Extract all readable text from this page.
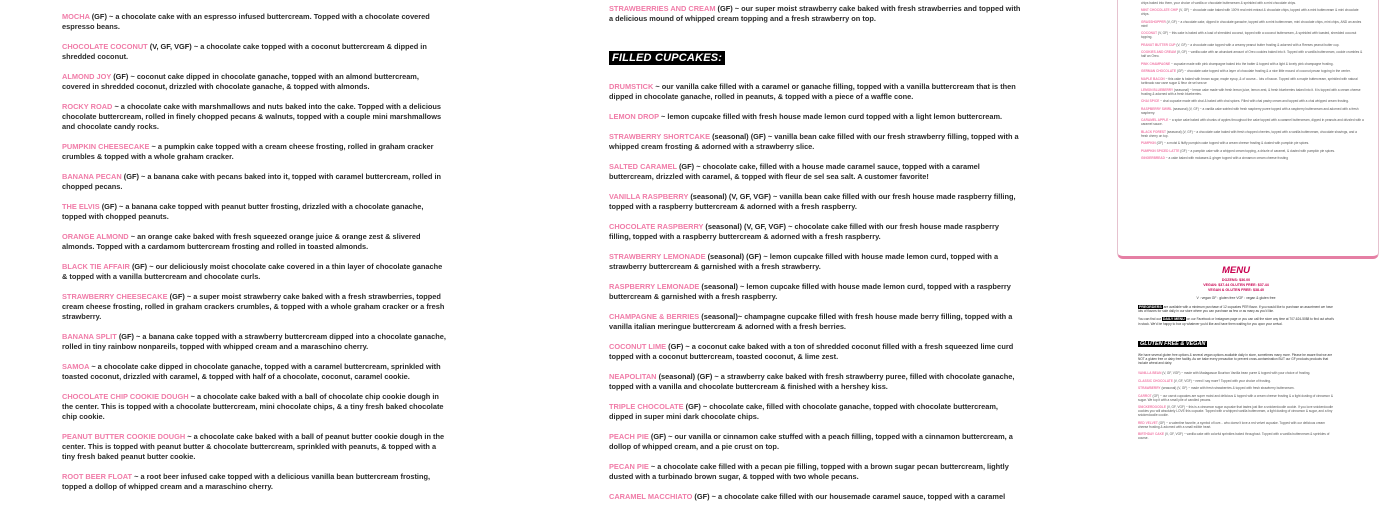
MOCHA (GF) ~ a chocolate cake with an espresso infused buttercream. Topped with a chocolate covered espresso beans.
CHOCOLATE COCONUT (V, GF, VGF) ~ a chocolate cake topped with a coconut buttercream & dipped in shredded coconut.
ALMOND JOY (GF) ~ coconut cake dipped in chocolate ganache, topped with an almond buttercream, covered in shredded coconut, drizzled with chocolate ganache, & topped with almonds.
ROCKY ROAD ~ a chocolate cake with marshmallows and nuts baked into the cake. Topped with a delicious chocolate buttercream, rolled in finely chopped pecans & walnuts, topped with a couple mini marshmallows and chocolate candy rocks.
PUMPKIN CHEESECAKE ~ a pumpkin cake topped with a cream cheese frosting, rolled in graham cracker crumbles & topped with a whole graham cracker.
BANANA PECAN (GF) ~ a banana cake with pecans baked into it, topped with caramel buttercream, rolled in chopped pecans.
THE ELVIS (GF) ~ a banana cake topped with peanut butter frosting, drizzled with a chocolate ganache, topped with chopped peanuts.
ORANGE ALMOND ~ an orange cake baked with fresh squeezed orange juice & orange zest & slivered almonds. Topped with a cardamom buttercream frosting and rolled in toasted almonds.
BLACK TIE AFFAIR (GF) ~ our deliciously moist chocolate cake covered in a thin layer of chocolate ganache & topped with a vanilla buttercream and chocolate curls.
STRAWBERRY CHEESECAKE (GF) ~ a super moist strawberry cake baked with a fresh strawberries, topped cream cheese frosting, rolled in graham crackers crumbles, & topped with a whole graham cracker or a fresh strawberry.
BANANA SPLIT (GF) ~ a banana cake topped with a strawberry buttercream dipped into a chocolate ganache, rolled in tiny rainbow nonpareils, topped with whipped cream and a maraschino cherry.
SAMOA ~ a chocolate cake dipped in chocolate ganache, topped with a caramel buttercream, sprinkled with toasted coconut, drizzled with caramel, & topped with half of a chocolate, coconut, caramel cookie.
CHOCOLATE CHIP COOKIE DOUGH ~ a chocolate cake baked with a ball of chocolate chip cookie dough in the center. This is topped with a chocolate buttercream, mini chocolate chips, & a tiny fresh baked chocolate chip cookie.
PEANUT BUTTER COOKIE DOUGH ~ a chocolate cake baked with a ball of peanut butter cookie dough in the center. This is topped with peanut butter & chocolate buttercream, sprinkled with peanuts, & topped with a tiny fresh baked peanut butter cookie.
ROOT BEER FLOAT ~ a root beer infused cake topped with a delicious vanilla bean buttercream frosting, topped a dollop of whipped cream and a maraschino cherry.
STRAWBERRIES AND CREAM (GF) ~ our super moist strawberry cake baked with fresh strawberries and topped with a delicious mound of whipped cream topping and a fresh strawberry on top.
FILLED CUPCAKES:
DRUMSTICK ~ our vanilla cake filled with a caramel or ganache filling, topped with a vanilla buttercream that is then dipped in chocolate ganache, rolled in peanuts, & topped with a piece of a waffle cone.
LEMON DROP ~ lemon cupcake filled with fresh house made lemon curd topped with a light lemon buttercream.
STRAWBERRY SHORTCAKE (seasonal) (GF) ~ vanilla bean cake filled with our fresh strawberry filling, topped with a whipped cream frosting & adorned with a strawberry slice.
SALTED CARAMEL (GF) ~ chocolate cake, filled with a house made caramel sauce, topped with a caramel buttercream, drizzled with caramel, & topped with fleur de sel sea salt. A customer favorite!
VANILLA RASPBERRY (seasonal) (V, GF, VGF) ~ vanilla bean cake filled with our fresh house made raspberry filling, topped with a raspberry buttercream & adorned with a fresh raspberry.
CHOCOLATE RASPBERRY (seasonal) (V, GF, VGF) ~ chocolate cake filled with our fresh house made raspberry filling, topped with a raspberry buttercream & adorned with a fresh raspberry.
STRAWBERRY LEMONADE (seasonal) (GF) ~ lemon cupcake filled with house made lemon curd, topped with a strawberry buttercream & garnished with a fresh strawberry.
RASPBERRY LEMONADE (seasonal) ~ lemon cupcake filled with house made lemon curd, topped with a raspberry buttercream & garnished with a fresh raspberry.
CHAMPAGNE & BERRIES (seasonal)~ champagne cupcake filled with fresh house made berry filling, topped with a vanilla italian meringue buttercream & adorned with a fresh berries.
COCONUT LIME (GF) ~ a coconut cake baked with a ton of shredded coconut filled with a fresh squeezed lime curd topped with a coconut buttercream, toasted coconut, & lime zest.
NEAPOLITAN (seasonal) (GF) ~ a strawberry cake baked with fresh strawberry puree, filled with chocolate ganache, topped with a vanilla and chocolate buttercream & finished with a hershey kiss.
TRIPLE CHOCOLATE (GF) ~ chocolate cake, filled with chocolate ganache, topped with chocolate buttercream, dipped in super mini dark chocolate chips.
PEACH PIE (GF) ~ our vanilla or cinnamon cake stuffed with a peach filling, topped with a cinnamon buttercream, a dollop of whipped cream, and a pie crust on top.
PECAN PIE ~ a chocolate cake filled with a pecan pie filling, topped with a brown sugar pecan buttercream, lightly dusted with a turbinado brown sugar, & topped with two whole pecans.
CARAMEL MACCHIATO (GF) ~ a chocolate cake filled with our housemade caramel sauce, topped with a caramel
chips baked into them, your choice of vanilla or chocolate buttercream & sprinkled with a mini chocolate chips.
MINT CHOCOLATE CHIP (V, GF) ~ chocolate cake baked with 100% real mint extract & chocolate chips, topped with a mint buttercream & mini chocolate chips.
GRASSHOPPER (V, GF) ~ a chocolate cake, dipped in chocolate ganache, topped with a mint buttercream, mini chocolate chips, mint chips, AND an andes mint!
COCONUT (V, GF) ~ this cake is baked with a load of shredded coconut, topped with a coconut buttercream, & sprinkled with toasted, shredded coconut topping.
PEANUT BUTTER CUP (V, GF) ~ a chocolate cake topped with a creamy peanut butter frosting & adorned with a Reeses peanut butter cup.
COOKIES AND CREAM (V, GF) ~ vanilla cake with an abundant amount of Oreo cookies baked into it. Topped with a vanilla buttercream, cookie crumbles & half an Oreo.
PINK CHAMPAGNE ~ cupcake made with pink champagne baked into the batter & topped with a light & lovely pink champagne frosting.
GERMAN CHOCOLATE (GF) ~ chocolate cake topped with a layer of chocolate frosting & a nice little mound of coconut pecan topping in the center.
MAPLE BACON ~ this cake is baked with brown sugar, maple syrup, & of course... lots of bacon. Topped with a maple buttercream, sprinkled with natural turbinado raw cane sugar & fleur de sel sea se
LEMON BLUEBERRY (seasonal) ~ lemon cake made with fresh lemon juice, lemon zest, & fresh blueberries baked into it. It is topped with a cream cheese frosting & adorned with a fresh blueberries.
CHAI SPICE ~ chai cupcake made with chai & baked with chai spices. Filled with chai pastry cream and topped with a chai whipped cream frosting.
RASPBERRY SWIRL (seasonal) (V, GF) ~ a vanilla cake swirled with fresh raspberry puree topped with a raspberry buttercream and adorned with a fresh raspberry.
CARAMEL APPLE ~ a spice cake baked with chunks of apples throughout the cake topped with a caramel buttercream, dipped in peanuts and drizzled with a caramel sauce.
BLACK FOREST (seasonal) (V, GF) ~ a chocolate cake baked with fresh chopped cherries, topped with a vanilla buttercream, chocolate shavings, and a fresh cherry on top.
PUMPKIN (GF) ~ a moist & fluffy pumpkin cake topped with a cream cheese frosting & dusted with pumpkin pie spices.
PUMPKIN SPICED LATTE (GF) ~ a pumpkin cake with a whipped cream topping, a drizzle of caramel, & dusted with pumpkin pie spices.
GINGERBREAD ~ a cake baked with molasses & ginger topped with a cinnamon cream cheese frosting
MENU
DOZENS: $36.00
VEGAN: $37.44 GLUTEN FREE: $37.44
VEGAN & GLUTEN FREE: $38.40
V : vegan GF : gluten free VGF : vegan & gluten free
PREORDERS are available with a minimum purchase of 12 cupcakes PER flavor. If you would like to purchase an assortment we have lots of flavors for sale daily in our store where you can purchase as few or as many as you'd like.
You can find our DAILY MENU on our Facebook or Instagram page or you can call the store any time at 707-624-5088 to find out what's in stock. We'd be happy to box up whatever you'd like and have them waiting for you upon your arrival.
GLUTEN FREE & VEGAN
We have several gluten free options & several vegan options available daily in store, sometimes many more. Please be aware that we are NOT a gluten free or dairy free facility. As we bake every precaution to prevent cross-contamination BUT our GF products products that include wheat and dairy.
VANILLA BEAN (V, GF, VGF) ~ made with Madagascar Bourbon Vanilla bean puree & topped with your choice of frosting.
CLASSIC CHOCOLATE (V, GF, VGF) ~ need I say more? Topped with your choice of frosting.
STRAWBERRY (seasonal) (V, GF) ~ made with fresh strawberries & topped with fresh strawberry buttercream.
CARROT (GF) ~ our carrot cupcakes are super moist and delicious & topped with a cream cheese frosting & a light dusting of cinnamon & sugar. We top it with a small pile of candied pecans.
SNICKERDOODLE (V, GF, VGF) ~ this is a cinnamon sugar cupcake that tastes just like a snickerdoodle cookie. If you love snickerdoodle cookies you will absolutely LOVE this cupcake. Topped with a whipped vanilla buttercream, a light dusting of cinnamon & sugar, and a tiny snickerdoodle cookie.
RED VELVET (GF) ~ a valentine favorite, a symbol of love... who doesn't love a red velvet cupcake. Topped with our delicious cream cheese frosting & adorned with a small edible heart.
BIRTHDAY CAKE (V, GF, VGF) ~ vanilla cake with colorful sprinkles baked throughout. Topped with a vanilla buttercream & sprinkles of course.
